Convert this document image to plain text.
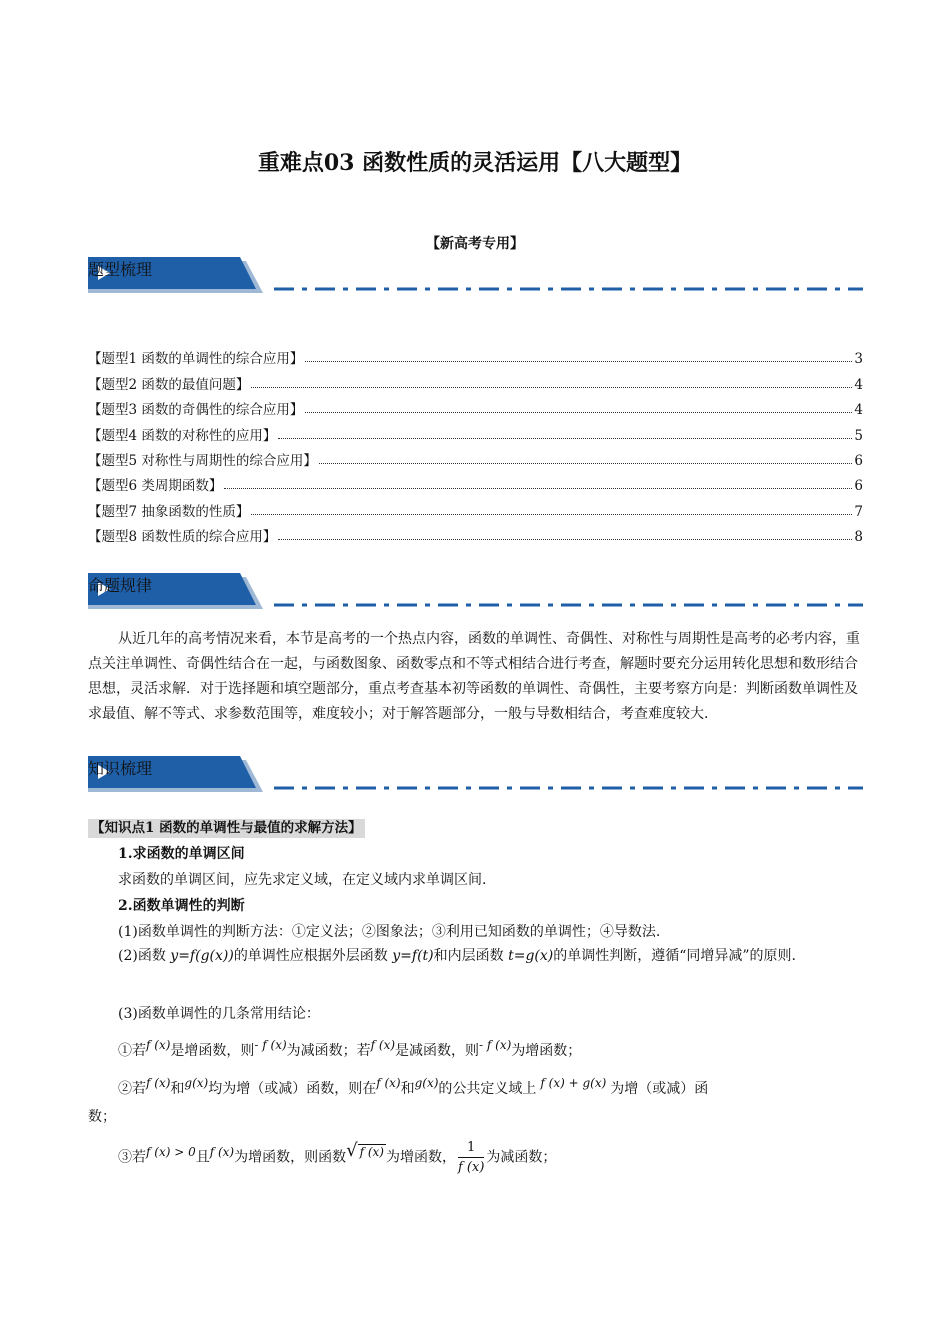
重难点03 函数性质的灵活运用【八大题型】
【新高考专用】
题型梳理
【题型1 函数的单调性的综合应用】	3
【题型2 函数的最值问题】	4
【题型3 函数的奇偶性的综合应用】	4
【题型4 函数的对称性的应用】	5
【题型5 对称性与周期性的综合应用】	6
【题型6 类周期函数】	6
【题型7 抽象函数的性质】	7
【题型8 函数性质的综合应用】	8
命题规律
从近几年的高考情况来看，本节是高考的一个热点内容，函数的单调性、奇偶性、对称性与周期性是高考的必考内容，重点关注单调性、奇偶性结合在一起，与函数图象、函数零点和不等式相结合进行考查，解题时要充分运用转化思想和数形结合思想，灵活求解．对于选择题和填空题部分，重点考查基本初等函数的单调性、奇偶性，主要考察方向是：判断函数单调性及求最值、解不等式、求参数范围等，难度较小；对于解答题部分，一般与导数相结合，考查难度较大.
知识梳理
【知识点1 函数的单调性与最值的求解方法】
1.求函数的单调区间
求函数的单调区间，应先求定义域，在定义域内求单调区间.
2.函数单调性的判断
(1)函数单调性的判断方法：①定义法；②图象法；③利用已知函数的单调性；④导数法.
(2)函数 y=f(g(x))的单调性应根据外层函数 y=f(t)和内层函数 t=g(x)的单调性判断，遵循“同增异减”的原则.
(3)函数单调性的几条常用结论：
①若f (x)是增函数，则- f (x)为减函数；若f (x)是减函数，则- f (x)为增函数；
②若f (x)和g(x)均为增（或减）函数，则在f (x)和g(x)的公共定义域上 f (x) + g(x) 为增（或减）函
数；
③若f (x) > 0且f (x)为增函数，则函数√ f (x) 为增函数， $\frac{1}{f (x)}$ 为减函数；
